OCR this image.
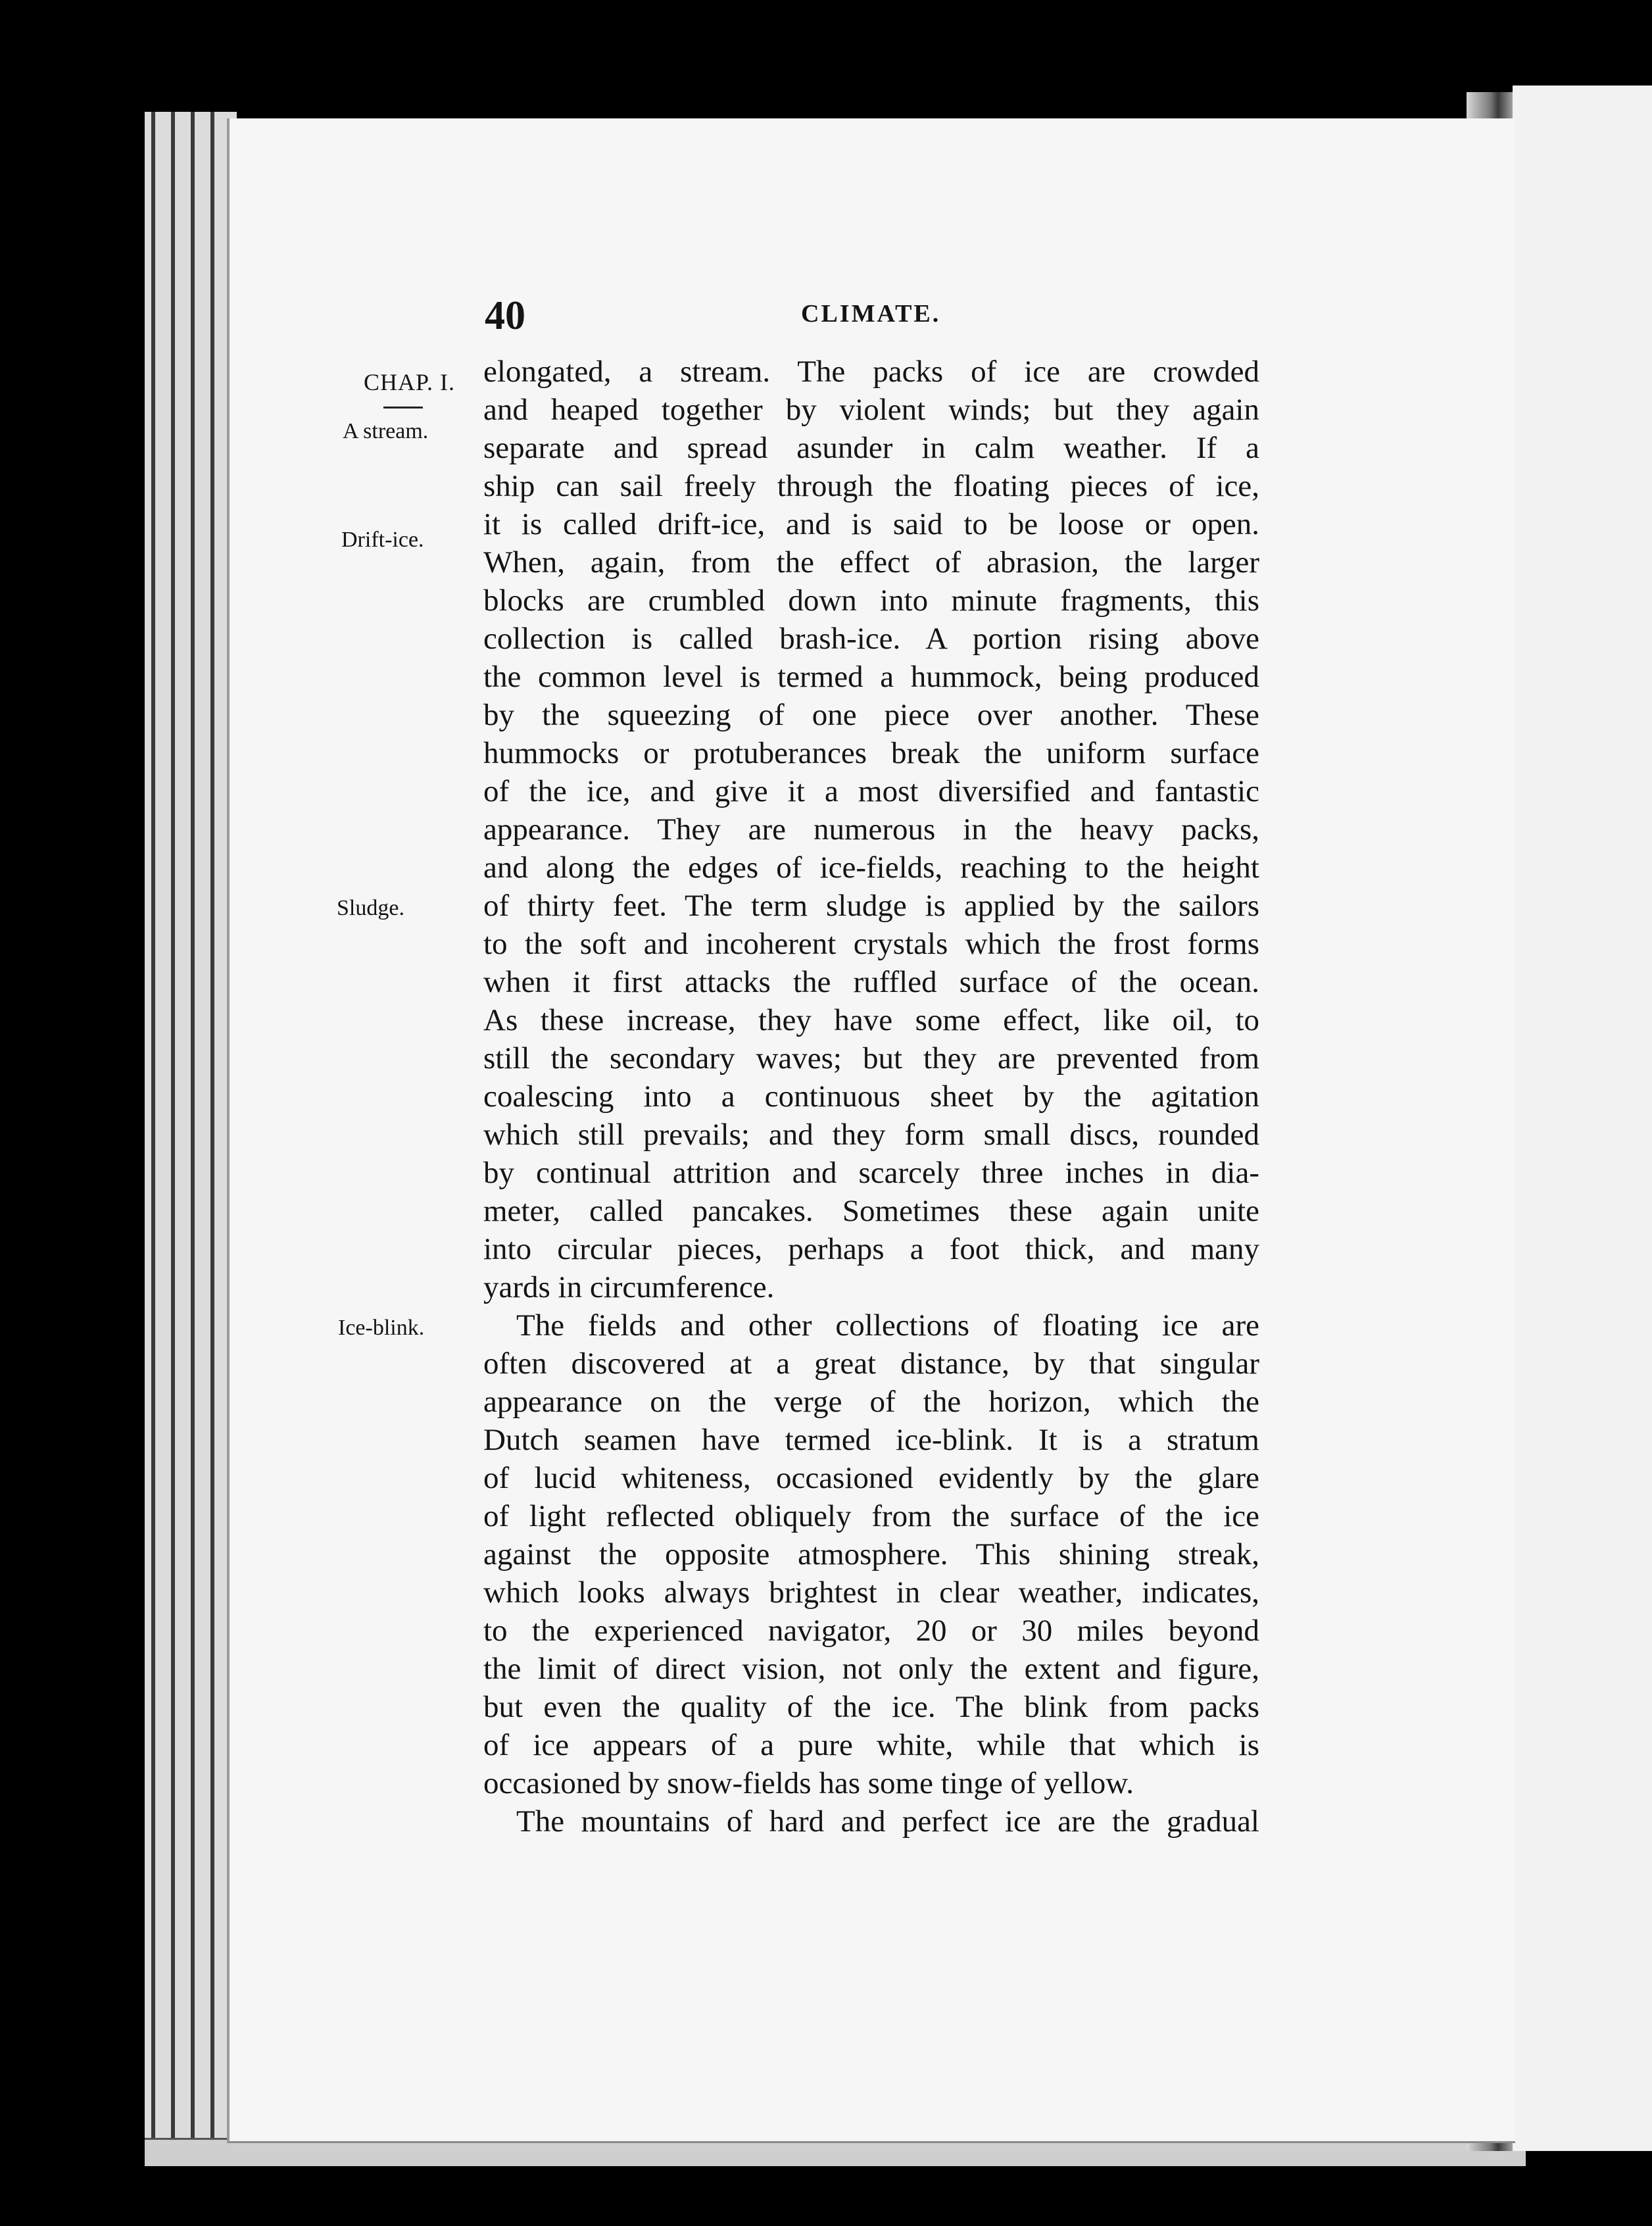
40	CLIMATE.
CHAP. I.
A stream.
Drift-ice.
Sludge.
Ice-blink.
elongated, a stream. The packs of ice are crowded
and heaped together by violent winds; but they again
separate and spread asunder in calm weather. If a
ship can sail freely through the floating pieces of ice,
it is called drift-ice, and is said to be loose or open.
When, again, from the effect of abrasion, the larger
blocks are crumbled down into minute fragments, this
collection is called brash-ice. A portion rising above
the common level is termed a hummock, being produced
by the squeezing of one piece over another. These
hummocks or protuberances break the uniform surface
of the ice, and give it a most diversified and fantastic
appearance. They are numerous in the heavy packs,
and along the edges of ice-fields, reaching to the height
of thirty feet. The term sludge is applied by the sailors
to the soft and incoherent crystals which the frost forms
when it first attacks the ruffled surface of the ocean.
As these increase, they have some effect, like oil, to
still the secondary waves; but they are prevented from
coalescing into a continuous sheet by the agitation
which still prevails; and they form small discs, rounded
by continual attrition and scarcely three inches in dia-
meter, called pancakes. Sometimes these again unite
into circular pieces, perhaps a foot thick, and many
yards in circumference.
The fields and other collections of floating ice are
often discovered at a great distance, by that singular
appearance on the verge of the horizon, which the
Dutch seamen have termed ice-blink. It is a stratum
of lucid whiteness, occasioned evidently by the glare
of light reflected obliquely from the surface of the ice
against the opposite atmosphere. This shining streak,
which looks always brightest in clear weather, indicates,
to the experienced navigator, 20 or 30 miles beyond
the limit of direct vision, not only the extent and figure,
but even the quality of the ice. The blink from packs
of ice appears of a pure white, while that which is
occasioned by snow-fields has some tinge of yellow.
The mountains of hard and perfect ice are the gradual
